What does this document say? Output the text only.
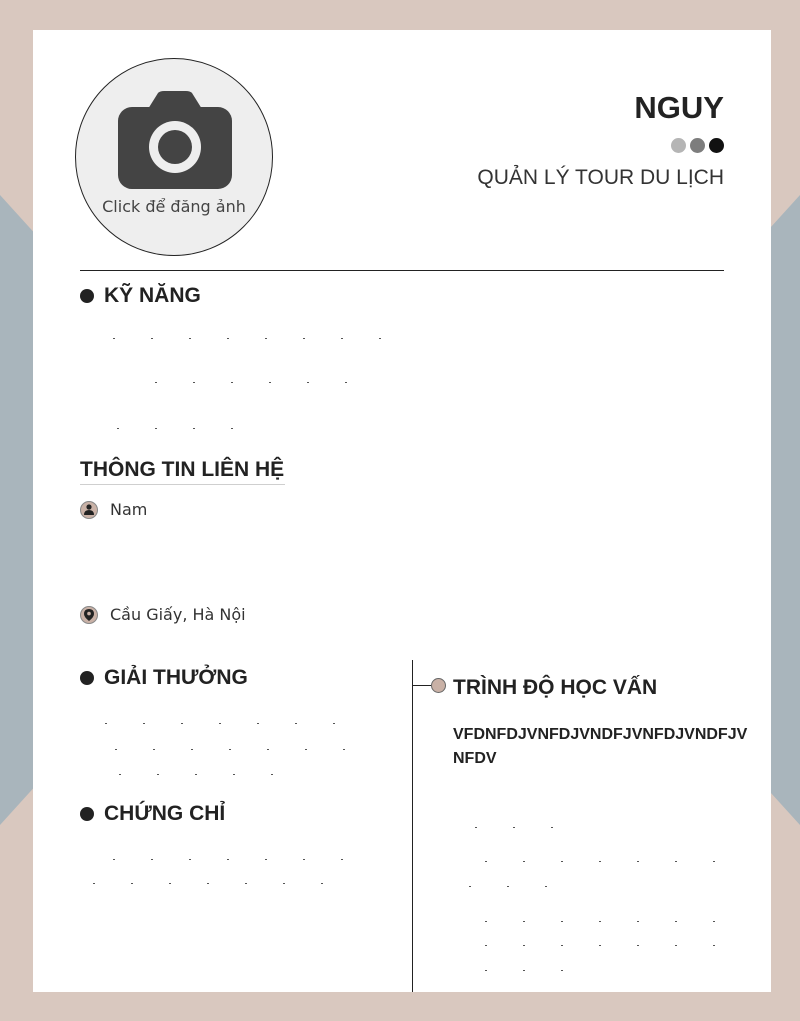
Click để đăng ảnh
NGUY
QUẢN LÝ TOUR DU LỊCH
KỸ NĂNG
THÔNG TIN LIÊN HỆ
Nam
Cầu Giấy, Hà Nội
GIẢI THƯỞNG
CHỨNG CHỈ
TRÌNH ĐỘ HỌC VẤN
VFDNFDJVNFDJVNDFJVNFDJVNDFJVNFDV
